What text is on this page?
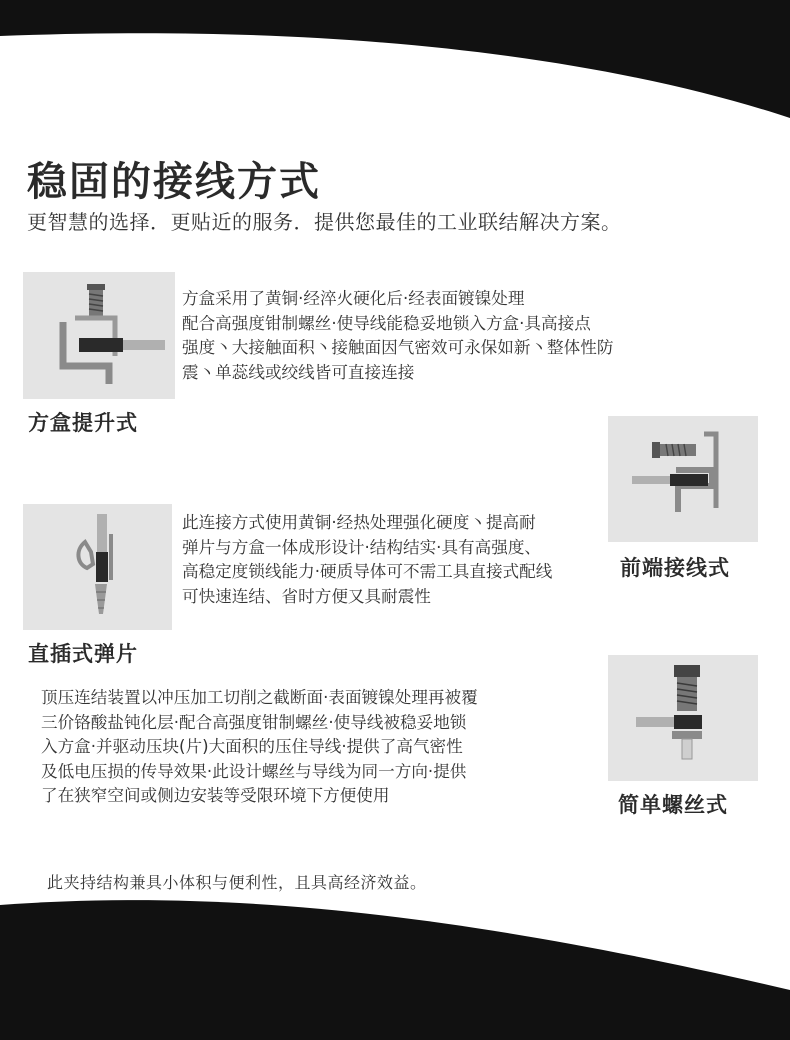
稳固的接线方式
更智慧的选择．更贴近的服务．提供您最佳的工业联结解决方案。

方盒采用了黄铜·经淬火硬化后·经表面镀镍处理
配合高强度钳制螺丝·使导线能稳妥地锁入方盒·具高接点
强度丶大接触面积丶接触面因气密效可永保如新丶整体性防
震丶单蕊线或绞线皆可直接连接

方盒提升式
前端接线式

此连接方式使用黄铜·经热处理强化硬度丶提高耐
弹片与方盒一体成形设计·结构结实·具有高强度、
高稳定度锁线能力·硬质导体可不需工具直接式配线
可快速连结、省时方便又具耐震性

直插式弹片

顶压连结装置以冲压加工切削之截断面·表面镀镍处理再被覆
三价铬酸盐钝化层·配合高强度钳制螺丝·使导线被稳妥地锁
入方盒·并驱动压块(片)大面积的压住导线·提供了高气密性
及低电压损的传导效果·此设计螺丝与导线为同一方向·提供
了在狭窄空间或侧边安装等受限环境下方便使用	简单螺丝式
此夹持结构兼具小体积与便利性，且具高经济效益。
